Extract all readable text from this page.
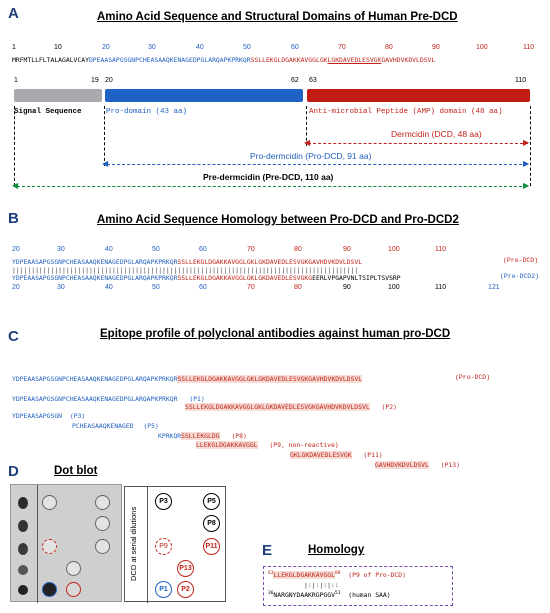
A	Amino Acid Sequence and Structural Domains of Human Pre-DCD
1	10	20	30	40	50	60	70	80	90	100	110
MRFMTLLFLTALAGALVCAYDPEAASAPGSGNPCHEASAAQKENAGEDPGLARQAPKPRKQRSSLLEKGLDGAKKAVGGLGKLGKDAVEDLESVGKGAVHDVKDVLDSVL
1	19 20	62 63	110
Signal Sequence	Pro-domain (43 aa)	Anti-microbial Peptide (AMP) domain (48 aa)
Dermcidin (DCD, 48 aa)
▶
◀
Pro-dermcidin (Pro-DCD, 91 aa)
▶
◀
Pre-dermcidin (Pre-DCD, 110 aa)
▶
◀
B	Amino Acid Sequence Homology between Pro-DCD and Pro-DCD2
20	30	40	50	60	70	80	90	100	110
YDPEAASAPGSGNPCHEASAAQKENAGEDPGLARQAPKPRKQRSSLLEKGLDGAKKAVGGLGKLGKDAVEDLESVGKGAVHDVKDVLDSVL	(Pre-DCD)
||||||||||||||||||||||||||||||||||||||||||||||||||||||||||||||||||||||||||||||||||||||||||
YDPEAASAPGSGNPCHEASAAQKENAGEDPGLARQAPKPRKQRSSLLEKGLDGAKKAVGGLGKLGKDAVEDLESVGKGEERLVPGAPVNLTSIPLTSVSRP	(Pre-DCD2)
20	30	40	50	60	70	80	90	100	110	121
C	Epitope profile of polyclonal antibodies against human pro-DCD
YDPEAASAPGSGNPCHEASAAQKENAGEDPGLARQAPKPRKQRSSLLEKGLDGAKKAVGGLGKLGKDAVEDLESVGKGAVHDVKDVLDSVL	(Pro-DCD)
YDPEAASAPGSGNPCHEASAAQKENAGEDPGLARQAPKPRKQR (P1)
SSLLEKGLDGAKKAVGGLGKLGKDAVEDLESVGKGAVHDVKDVLDSVL (P2)
YDPEAASAPGSGN (P3)
PCHEASAAQKENAGED (P5)
KPRKQRSSLLEKGLDG (P8)
LLEKGLDGAKKAVGGL (P9, non-reactive)
GKLGKDAVEDLESVGK (P11)
GAVHDVKDVLDSVL (P13)
D	Dot blot
DCD at serial dilutions
P3	P5
P8
P9	P11
P13
P1	P2
E	Homology
$^{63}$LLEKGLDGAKKAVGGL$^{80}$ (P9 of Pro-DCD)
|:|:|:|::
$^{36}$NARGNYDAAKRGPGGV$^{51}$ (human SAA)
